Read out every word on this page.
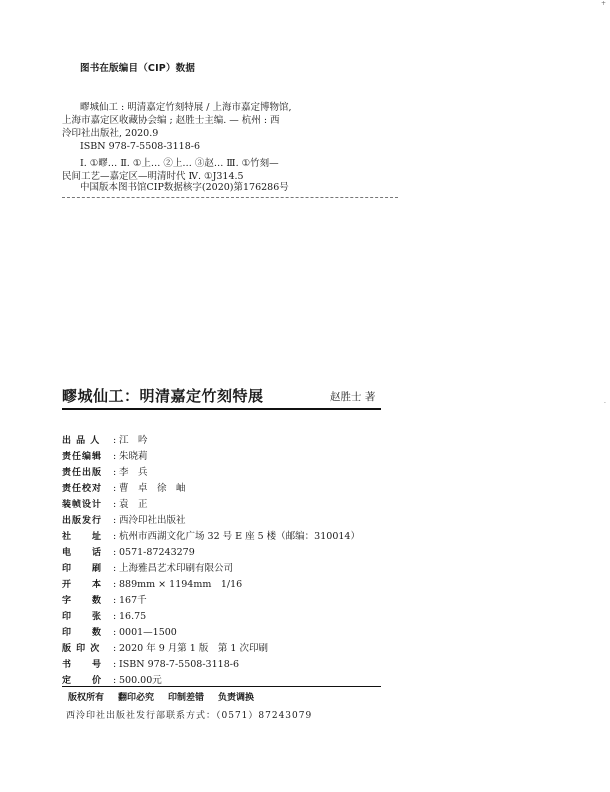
图书在版编目（CIP）数据
疁城仙工 : 明清嘉定竹刻特展 / 上海市嘉定博物馆,
上海市嘉定区收藏协会编 ; 赵胜士主编. — 杭州 : 西
泠印社出版社, 2020.9
ISBN 978-7-5508-3118-6
Ⅰ. ①疁… Ⅱ. ①上… ②上… ③赵… Ⅲ. ①竹刻—
民间工艺—嘉定区—明清时代 Ⅳ. ①J314.5
中国版本图书馆CIP数据核字(2020)第176286号
疁城仙工：明清嘉定竹刻特展	赵胜士 著
出 品 人 : 江　吟
责任编辑 : 朱晓莉
责任出版 : 李　兵
责任校对 : 曹　卓　徐　岫
装帧设计 : 袁　正
出版发行 : 西泠印社出版社
社　　址 : 杭州市西湖文化广场 32 号 E 座 5 楼（邮编：310014）
电　　话 : 0571-87243279
印　　刷 : 上海雅昌艺术印刷有限公司
开　　本 : 889mm × 1194mm　1/16
字　　数 : 167千
印　　张 : 16.75
印　　数 : 0001—1500
版 印 次 : 2020 年 9 月第 1 版　第 1 次印刷
书　　号 : ISBN 978-7-5508-3118-6
定　　价 : 500.00元
版权所有 翻印必究 印制差错 负责调换
西泠印社出版社发行部联系方式：（0571）87243079
+
·
